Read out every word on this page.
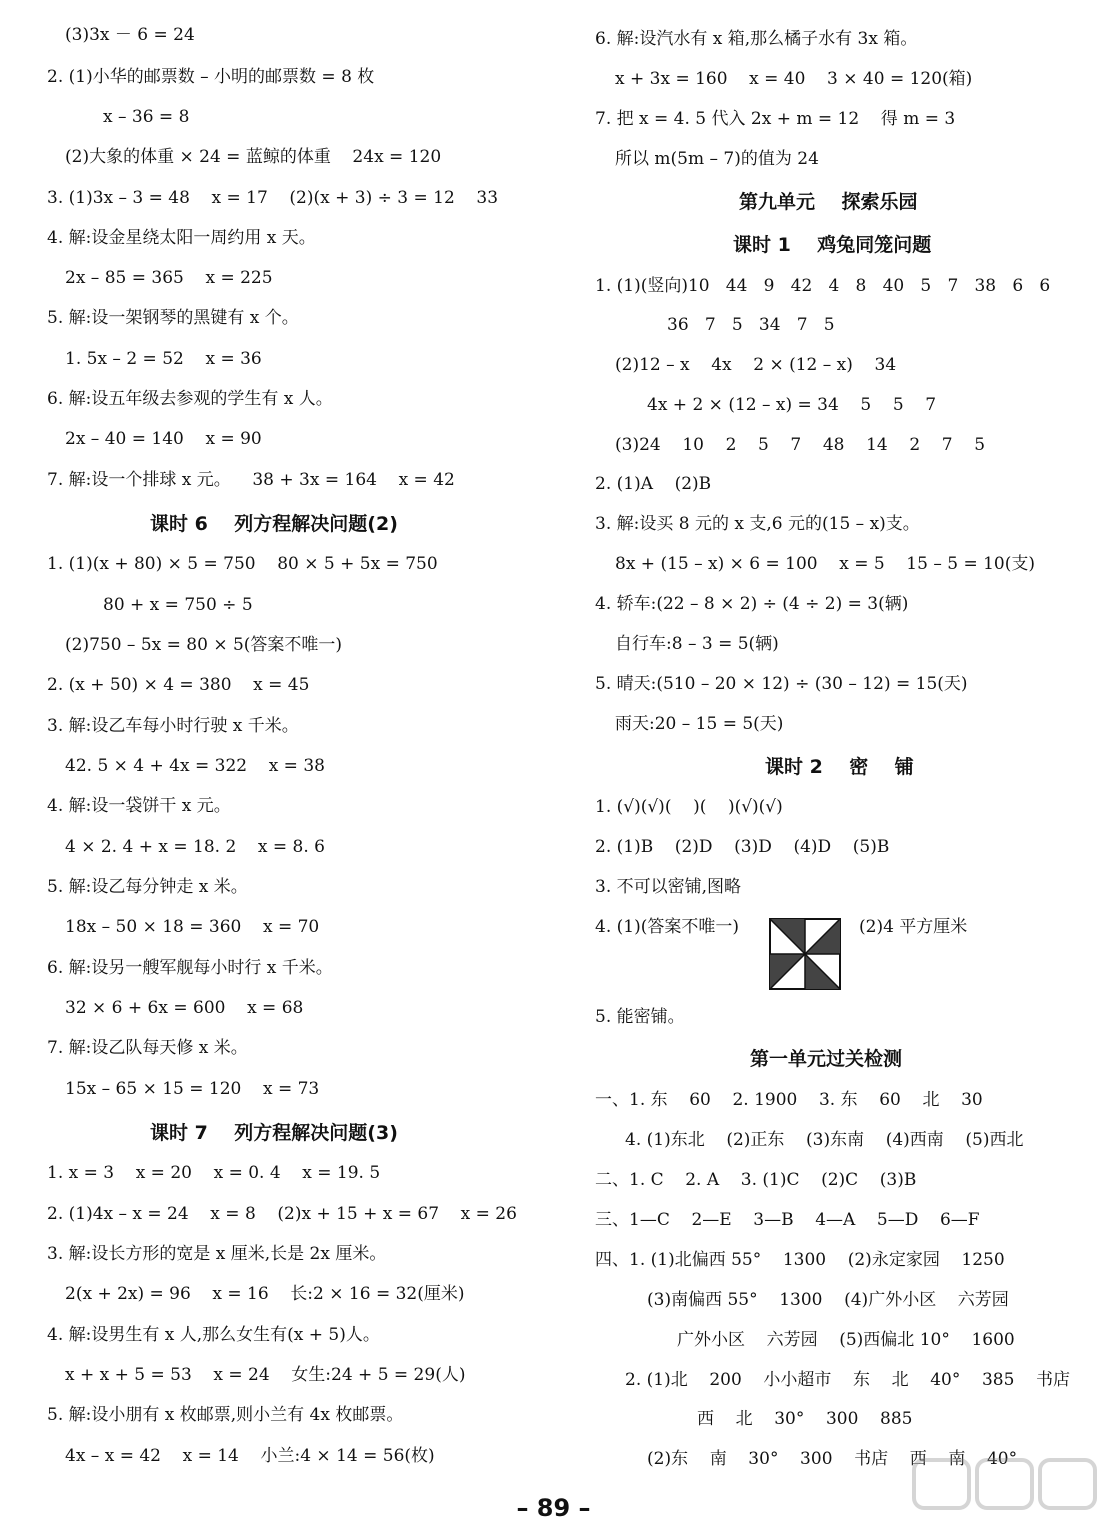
(3)3x － 6 = 24
2. (1)小华的邮票数 – 小明的邮票数 = 8 枚
x – 36 = 8
(2)大象的体重 × 24 = 蓝鲸的体重    24x = 120
3. (1)3x – 3 = 48    x = 17    (2)(x + 3) ÷ 3 = 12    33
4. 解:设金星绕太阳一周约用 x 天。
2x – 85 = 365    x = 225
5. 解:设一架钢琴的黑键有 x 个。
1. 5x – 2 = 52    x = 36
6. 解:设五年级去参观的学生有 x 人。
2x – 40 = 140    x = 90
7. 解:设一个排球 x 元。    38 + 3x = 164    x = 42
课时 6    列方程解决问题(2)
1. (1)(x + 80) × 5 = 750    80 × 5 + 5x = 750
80 + x = 750 ÷ 5
(2)750 – 5x = 80 × 5(答案不唯一)
2. (x + 50) × 4 = 380    x = 45
3. 解:设乙车每小时行驶 x 千米。
42. 5 × 4 + 4x = 322    x = 38
4. 解:设一袋饼干 x 元。
4 × 2. 4 + x = 18. 2    x = 8. 6
5. 解:设乙每分钟走 x 米。
18x – 50 × 18 = 360    x = 70
6. 解:设另一艘军舰每小时行 x 千米。
32 × 6 + 6x = 600    x = 68
7. 解:设乙队每天修 x 米。
15x – 65 × 15 = 120    x = 73
课时 7    列方程解决问题(3)
1. x = 3    x = 20    x = 0. 4    x = 19. 5
2. (1)4x – x = 24    x = 8    (2)x + 15 + x = 67    x = 26
3. 解:设长方形的宽是 x 厘米,长是 2x 厘米。
2(x + 2x) = 96    x = 16    长:2 × 16 = 32(厘米)
4. 解:设男生有 x 人,那么女生有(x + 5)人。
x + x + 5 = 53    x = 24    女生:24 + 5 = 29(人)
5. 解:设小朋有 x 枚邮票,则小兰有 4x 枚邮票。
4x – x = 42    x = 14    小兰:4 × 14 = 56(枚)
6. 解:设汽水有 x 箱,那么橘子水有 3x 箱。
x + 3x = 160    x = 40    3 × 40 = 120(箱)
7. 把 x = 4. 5 代入 2x + m = 12    得 m = 3
所以 m(5m – 7)的值为 24
第九单元    探索乐园
课时 1    鸡兔同笼问题
1. (1)(竖向)10   44   9   42   4   8   40   5   7   38   6   6
36   7   5   34   7   5
(2)12 – x    4x    2 × (12 – x)    34
4x + 2 × (12 – x) = 34    5    5    7
(3)24    10    2    5    7    48    14    2    7    5
2. (1)A    (2)B
3. 解:设买 8 元的 x 支,6 元的(15 – x)支。
8x + (15 – x) × 6 = 100    x = 5    15 – 5 = 10(支)
4. 轿车:(22 – 8 × 2) ÷ (4 ÷ 2) = 3(辆)
自行车:8 – 3 = 5(辆)
5. 晴天:(510 – 20 × 12) ÷ (30 – 12) = 15(天)
雨天:20 – 15 = 5(天)
课时 2    密    铺
1. (√)(√)(    )(    )(√)(√)
2. (1)B    (2)D    (3)D    (4)D    (5)B
3. 不可以密铺,图略
4. (1)(答案不唯一)	(2)4 平方厘米
5. 能密铺。
第一单元过关检测
一、1. 东    60    2. 1900    3. 东    60    北    30
4. (1)东北    (2)正东    (3)东南    (4)西南    (5)西北
二、1. C    2. A    3. (1)C    (2)C    (3)B
三、1—C    2—E    3—B    4—A    5—D    6—F
四、1. (1)北偏西 55°    1300    (2)永定家园    1250
(3)南偏西 55°    1300    (4)广外小区    六芳园
广外小区    六芳园    (5)西偏北 10°    1600
2. (1)北    200    小小超市    东    北    40°    385    书店
西    北    30°    300    885
(2)东    南    30°    300    书店    西    南    40°
– 89 –
